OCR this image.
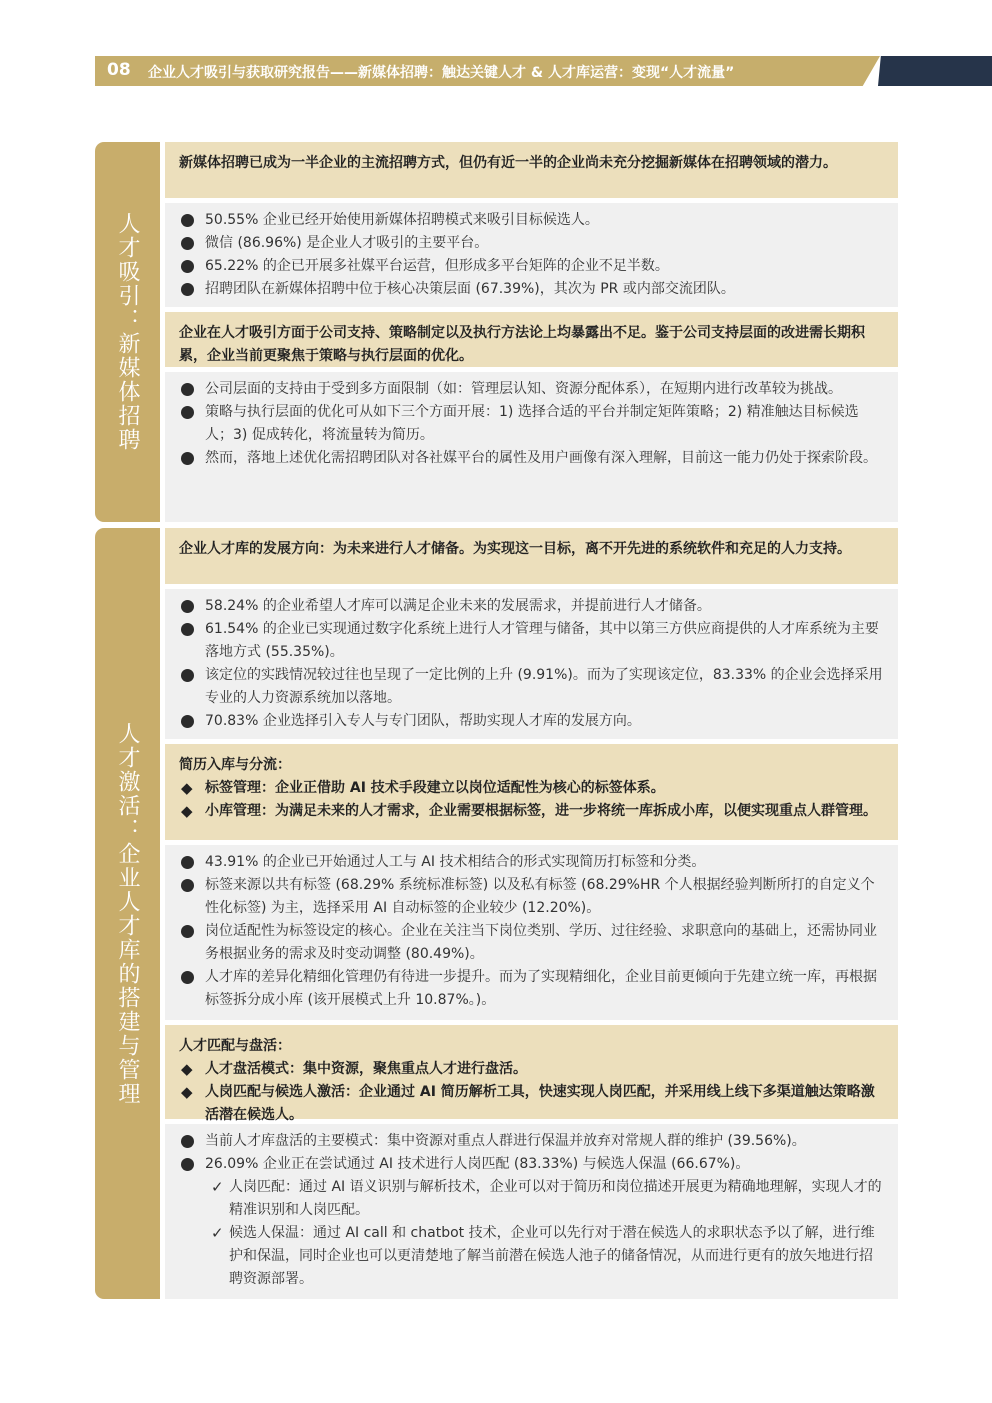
08 企业人才吸引与获取研究报告——新媒体招聘：触达关键人才 & 人才库运营：变现“人才流量”
人才吸引：新媒体招聘
新媒体招聘已成为一半企业的主流招聘方式，但仍有近一半的企业尚未充分挖掘新媒体在招聘领域的潜力。
50.55% 企业已经开始使用新媒体招聘模式来吸引目标候选人。
微信 (86.96%) 是企业人才吸引的主要平台。
65.22% 的企已开展多社媒平台运营，但形成多平台矩阵的企业不足半数。
招聘团队在新媒体招聘中位于核心决策层面 (67.39%)，其次为 PR 或内部交流团队。
企业在人才吸引方面于公司支持、策略制定以及执行方法论上均暴露出不足。鉴于公司支持层面的改进需长期积累，企业当前更聚焦于策略与执行层面的优化。
公司层面的支持由于受到多方面限制（如：管理层认知、资源分配体系），在短期内进行改革较为挑战。
策略与执行层面的优化可从如下三个方面开展：1) 选择合适的平台并制定矩阵策略；2) 精准触达目标候选人；3) 促成转化，将流量转为简历。
然而，落地上述优化需招聘团队对各社媒平台的属性及用户画像有深入理解，目前这一能力仍处于探索阶段。
人才激活：企业人才库的搭建与管理
企业人才库的发展方向：为未来进行人才储备。为实现这一目标，离不开先进的系统软件和充足的人力支持。
58.24% 的企业希望人才库可以满足企业未来的发展需求，并提前进行人才储备。
61.54% 的企业已实现通过数字化系统上进行人才管理与储备，其中以第三方供应商提供的人才库系统为主要落地方式 (55.35%)。
该定位的实践情况较过往也呈现了一定比例的上升 (9.91%)。而为了实现该定位，83.33% 的企业会选择采用专业的人力资源系统加以落地。
70.83% 企业选择引入专人与专门团队，帮助实现人才库的发展方向。
简历入库与分流：
◆ 标签管理：企业正借助 AI 技术手段建立以岗位适配性为核心的标签体系。
◆ 小库管理：为满足未来的人才需求，企业需要根据标签，进一步将统一库拆成小库，以便实现重点人群管理。
43.91% 的企业已开始通过人工与 AI 技术相结合的形式实现简历打标签和分类。
标签来源以共有标签 (68.29% 系统标准标签) 以及私有标签 (68.29%HR 个人根据经验判断所打的自定义个性化标签) 为主，选择采用 AI 自动标签的企业较少 (12.20%)。
岗位适配性为标签设定的核心。企业在关注当下岗位类别、学历、过往经验、求职意向的基础上，还需协同业务根据业务的需求及时变动调整 (80.49%)。
人才库的差异化精细化管理仍有待进一步提升。而为了实现精细化，企业目前更倾向于先建立统一库，再根据标签拆分成小库 (该开展模式上升 10.87%。)。
人才匹配与盘活：
◆ 人才盘活模式：集中资源，聚焦重点人才进行盘活。
◆ 人岗匹配与候选人激活：企业通过 AI 简历解析工具，快速实现人岗匹配，并采用线上线下多渠道触达策略激活潜在候选人。
当前人才库盘活的主要模式：集中资源对重点人群进行保温并放弃对常规人群的维护 (39.56%)。
26.09% 企业正在尝试通过 AI 技术进行人岗匹配 (83.33%) 与候选人保温 (66.67%)。
✓ 人岗匹配：通过 AI 语义识别与解析技术，企业可以对于简历和岗位描述开展更为精确地理解，实现人才的精准识别和人岗匹配。
✓ 候选人保温：通过 AI call 和 chatbot 技术，企业可以先行对于潜在候选人的求职状态予以了解，进行维护和保温，同时企业也可以更清楚地了解当前潜在候选人池子的储备情况，从而进行更有的放矢地进行招聘资源部署。
